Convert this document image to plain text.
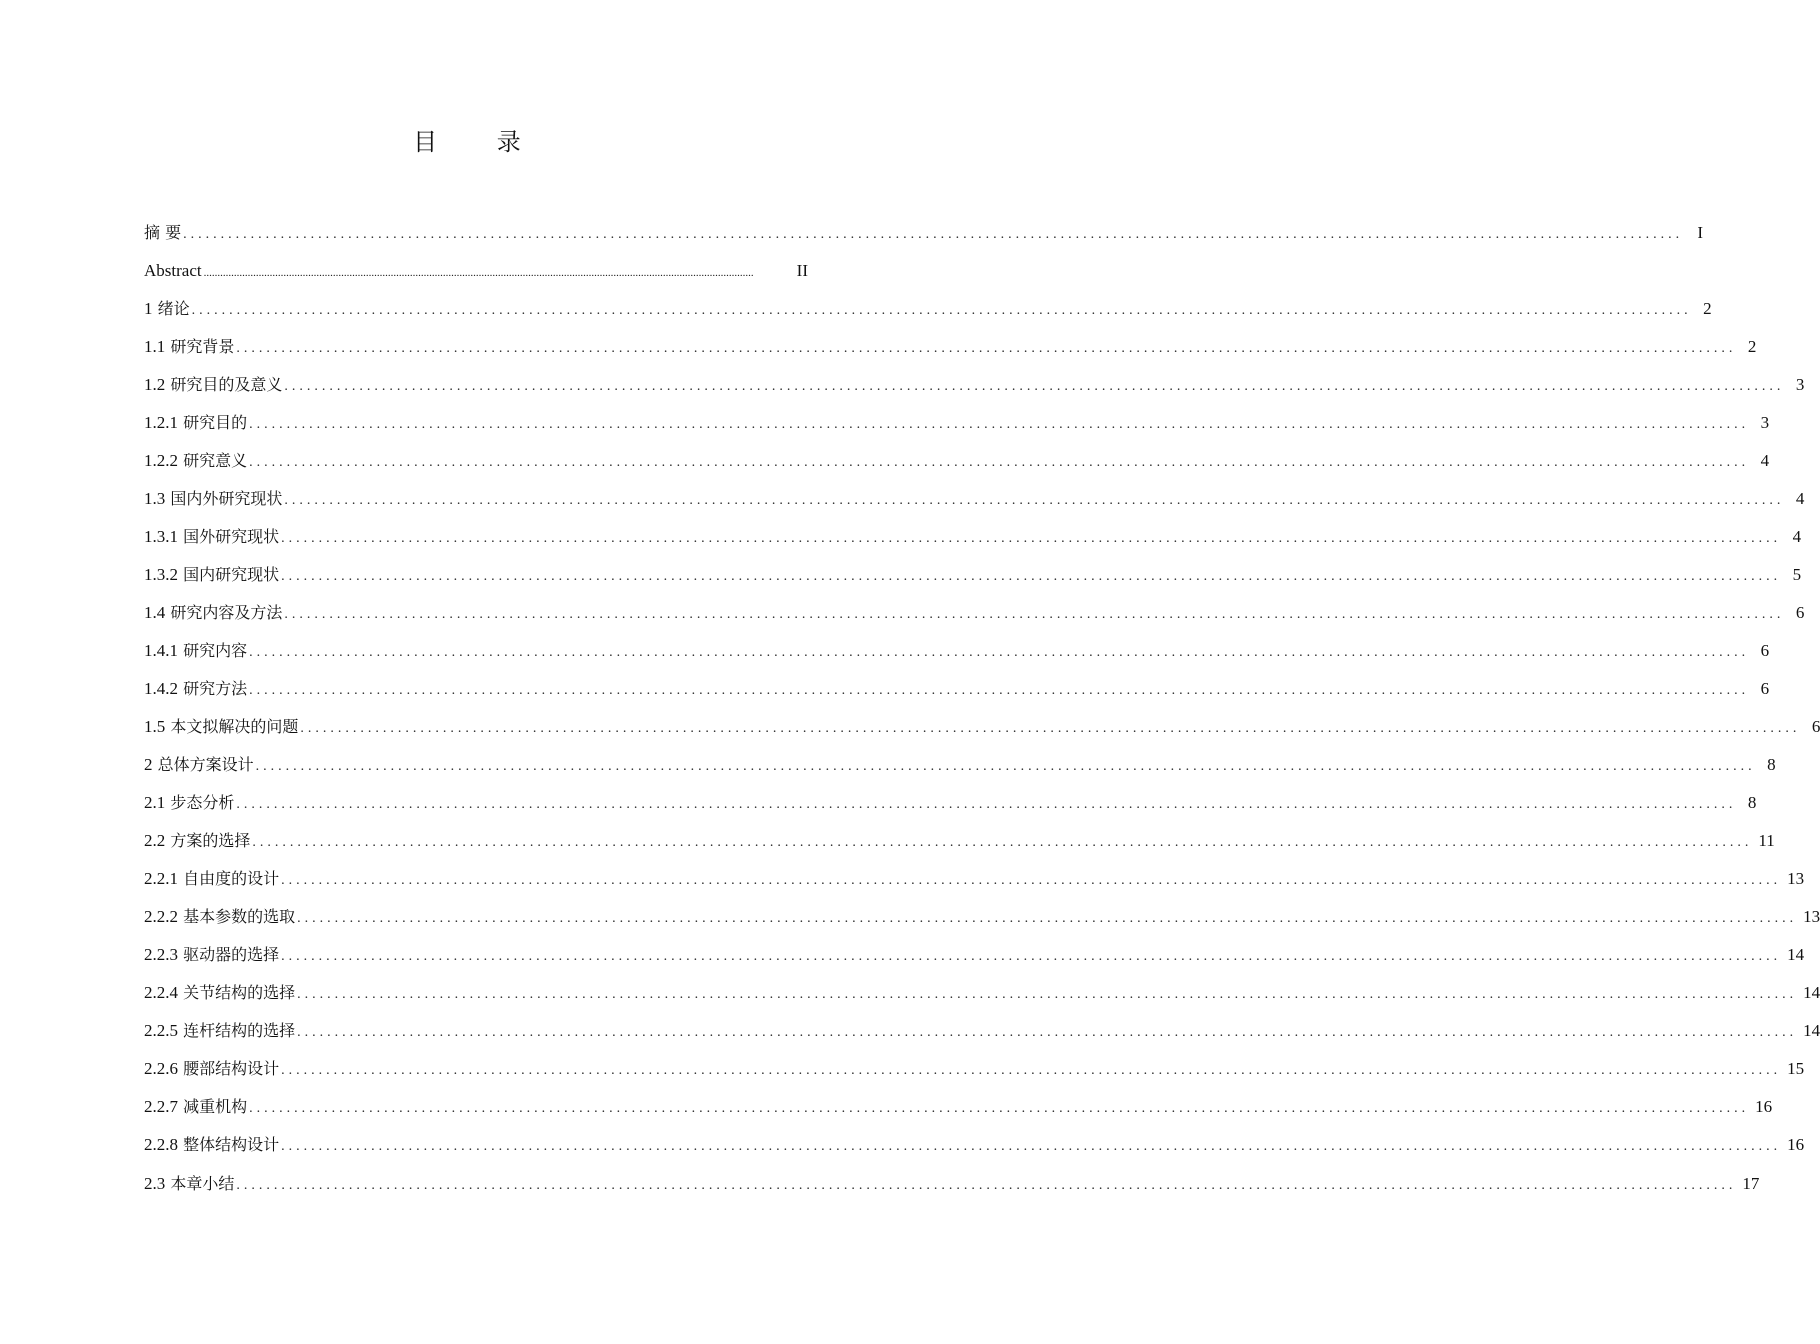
目 录
摘 要 ........................................................................................................................................................................................................ I
Abstract ........................................................................................................................................................................................................	II
1 绪论 ........................................................................................................................................................................................................ 2
1.1 研究背景 ........................................................................................................................................................................................................ 2
1.2 研究目的及意义 ........................................................................................................................................................................................................ 3
1.2.1 研究目的 ........................................................................................................................................................................................................ 3
1.2.2 研究意义 ........................................................................................................................................................................................................ 4
1.3 国内外研究现状 ........................................................................................................................................................................................................ 4
1.3.1 国外研究现状 ........................................................................................................................................................................................................ 4
1.3.2 国内研究现状 ........................................................................................................................................................................................................ 5
1.4 研究内容及方法 ........................................................................................................................................................................................................ 6
1.4.1 研究内容 ........................................................................................................................................................................................................ 6
1.4.2 研究方法 ........................................................................................................................................................................................................ 6
1.5 本文拟解决的问题 ........................................................................................................................................................................................................ 6
2 总体方案设计 ........................................................................................................................................................................................................ 8
2.1 步态分析 ........................................................................................................................................................................................................ 8
2.2 方案的选择 ........................................................................................................................................................................................................ 11
2.2.1 自由度的设计 ........................................................................................................................................................................................................ 13
2.2.2 基本参数的选取 ........................................................................................................................................................................................................ 13
2.2.3 驱动器的选择 ........................................................................................................................................................................................................ 14
2.2.4 关节结构的选择 ........................................................................................................................................................................................................ 14
2.2.5 连杆结构的选择 ........................................................................................................................................................................................................ 14
2.2.6 腰部结构设计 ........................................................................................................................................................................................................ 15
2.2.7 减重机构 ........................................................................................................................................................................................................ 16
2.2.8 整体结构设计 ........................................................................................................................................................................................................ 16
2.3 本章小结 ........................................................................................................................................................................................................ 17
